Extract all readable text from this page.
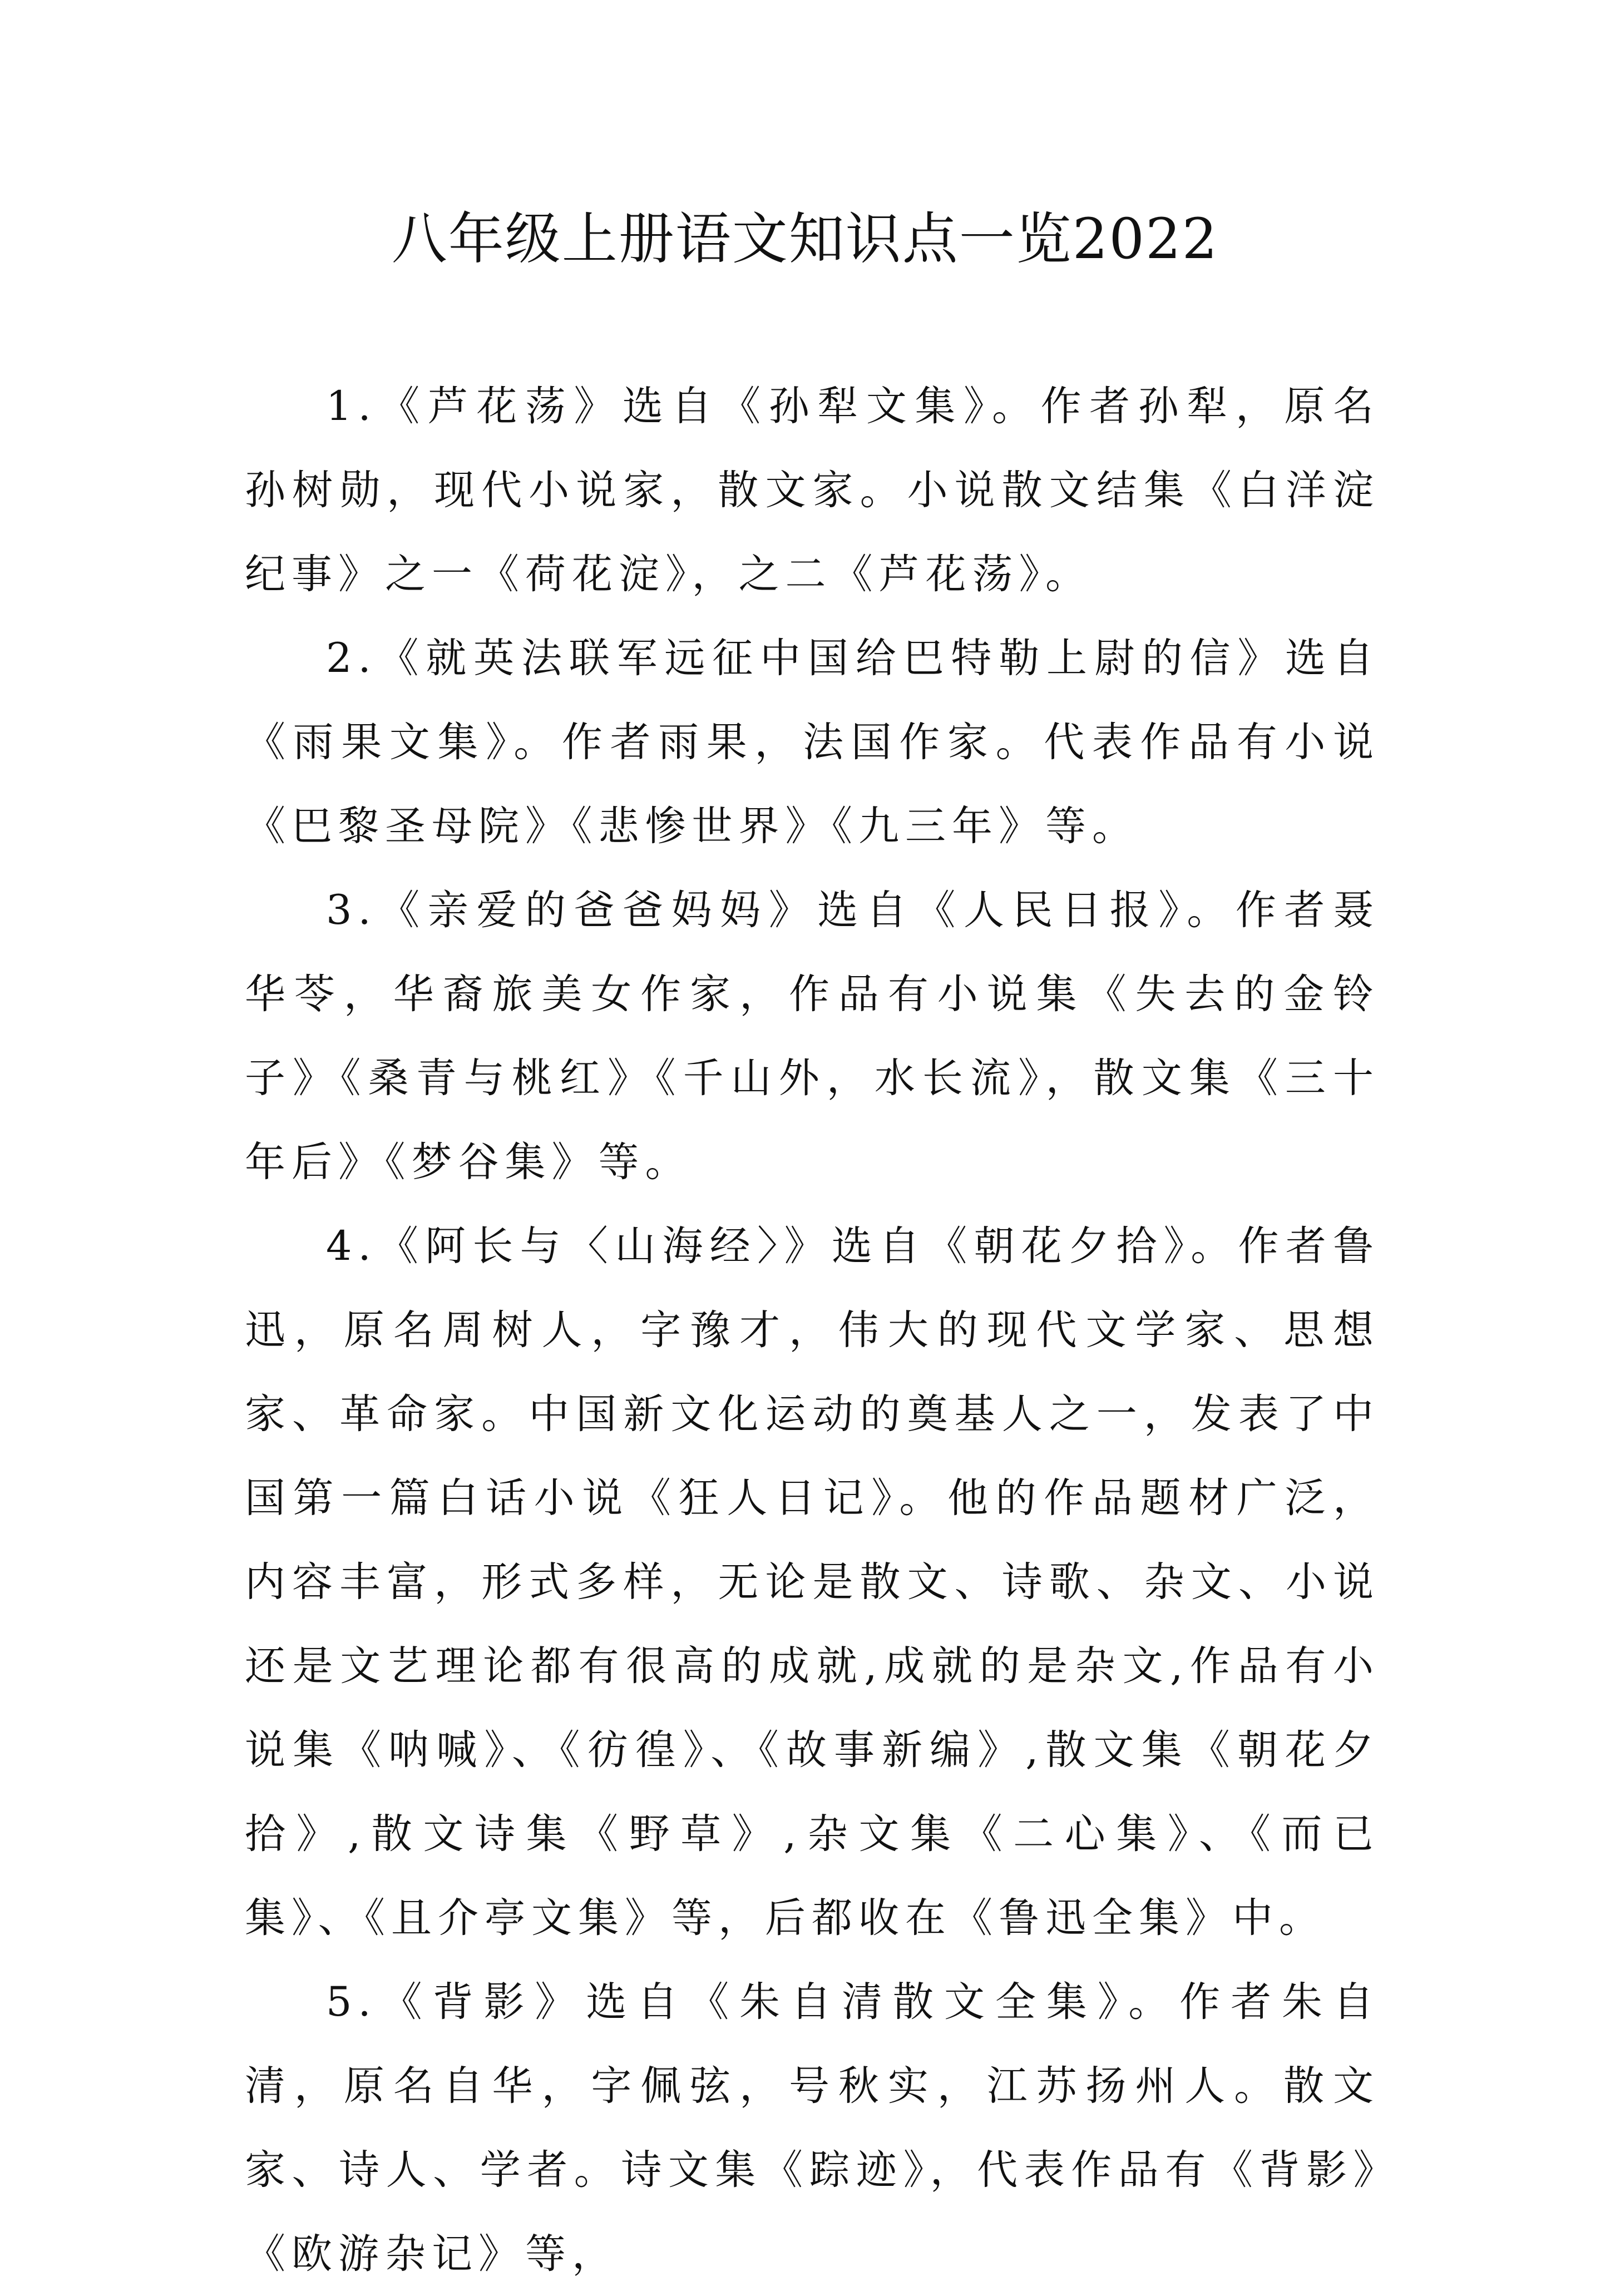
八年级上册语文知识点一览2022

1.《芦花荡》选自《孙犁文集》。作者孙犁，原名孙树勋，现代小说家，散文家。小说散文结集《白洋淀纪事》之一《荷花淀》，之二《芦花荡》。

2.《就英法联军远征中国给巴特勒上尉的信》选自《雨果文集》。作者雨果，法国作家。代表作品有小说《巴黎圣母院》《悲惨世界》《九三年》等。

3.《亲爱的爸爸妈妈》选自《人民日报》。作者聂华苓，华裔旅美女作家，作品有小说集《失去的金铃子》《桑青与桃红》《千山外，水长流》，散文集《三十年后》《梦谷集》等。

4.《阿长与〈山海经〉》选自《朝花夕拾》。作者鲁迅，原名周树人，字豫才，伟大的现代文学家、思想家、革命家。中国新文化运动的奠基人之一，发表了中国第一篇白话小说《狂人日记》。他的作品题材广泛，内容丰富，形式多样，无论是散文、诗歌、杂文、小说还是文艺理论都有很高的成就,成就的是杂文,作品有小说集《呐喊》、《彷徨》、《故事新编》,散文集《朝花夕拾》,散文诗集《野草》,杂文集《二心集》、《而已集》、《且介亭文集》等，后都收在《鲁迅全集》中。

5.《背影》选自《朱自清散文全集》。作者朱自清，原名自华，字佩弦，号秋实，江苏扬州人。散文家、诗人、学者。诗文集《踪迹》，代表作品有《背影》《欧游杂记》等，
